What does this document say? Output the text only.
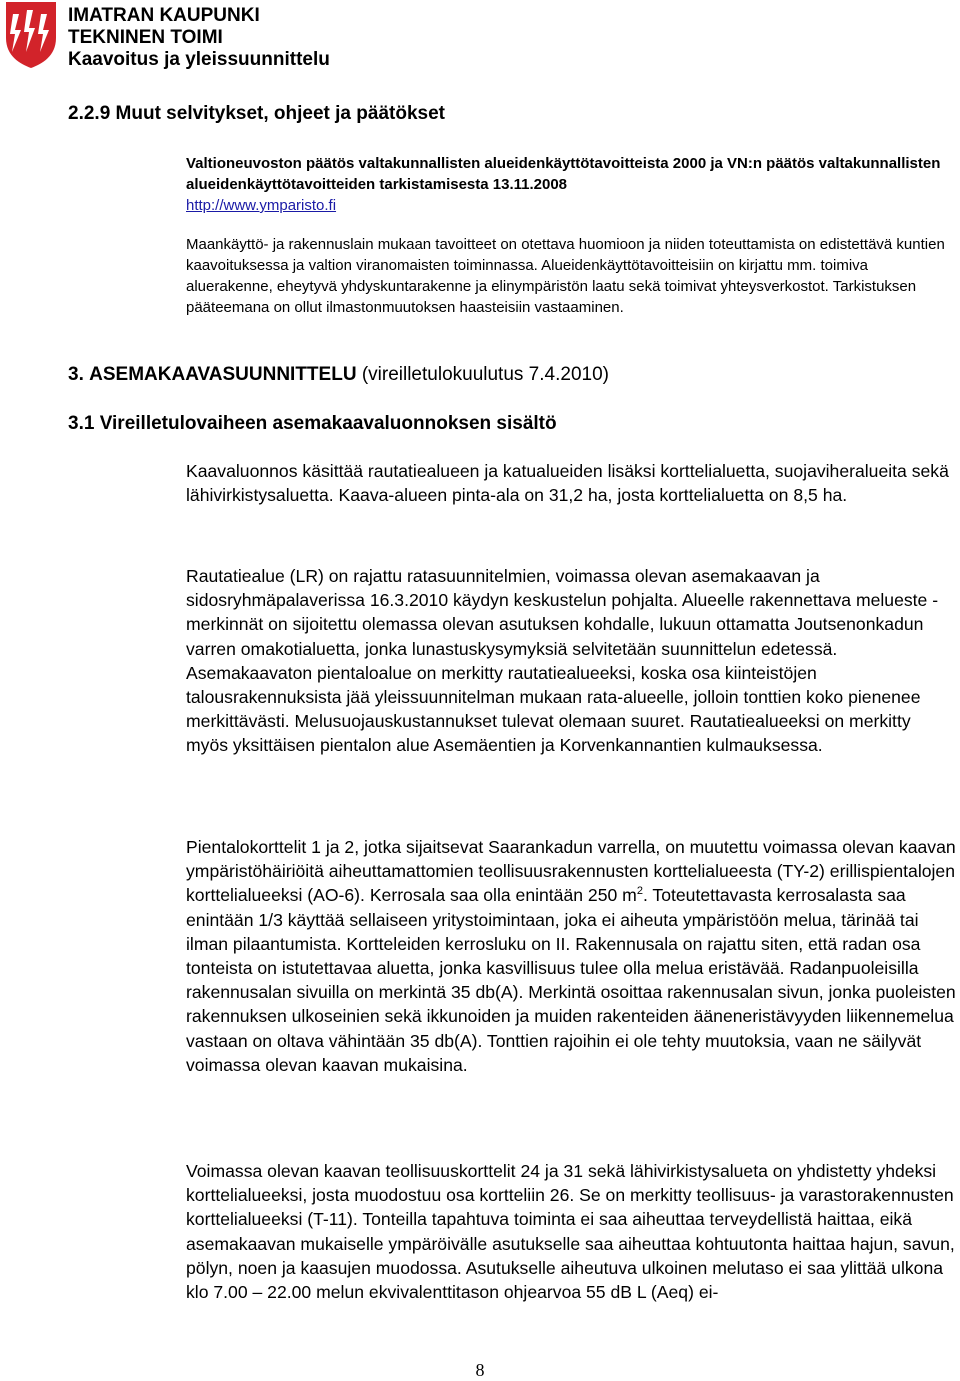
IMATRAN KAUPUNKI
TEKNINEN TOIMI
Kaavoitus ja yleissuunnittelu
2.2.9 Muut selvitykset, ohjeet ja päätökset

Valtioneuvoston päätös valtakunnallisten alueidenkäyttötavoitteista 2000 ja VN:n päätös valtakunnallisten alueidenkäyttötavoitteiden tarkistamisesta 13.11.2008

http://www.ymparisto.fi

Maankäyttö- ja rakennuslain mukaan tavoitteet on otettava huomioon ja niiden toteuttamista on edistettävä kuntien kaavoituksessa ja valtion viranomaisten toiminnassa. Alueidenkäyttötavoitteisiin on kirjattu mm. toimiva aluerakenne, eheytyvä yhdyskuntarakenne ja elinympäristön laatu sekä toimivat yhteysverkostot. Tarkistuksen pääteemana on ollut ilmastonmuutoksen haasteisiin vastaaminen.

3. ASEMAKAAVASUUNNITTELU (vireilletulokuulutus 7.4.2010)
3.1 Vireilletulovaiheen asemakaavaluonnoksen sisältö

Kaavaluonnos käsittää rautatiealueen ja katualueiden lisäksi korttelialuetta, suojaviheralueita sekä lähivirkistysaluetta. Kaava-alueen pinta-ala on 31,2 ha, josta korttelialuetta on 8,5 ha.

Rautatiealue (LR) on rajattu ratasuunnitelmien, voimassa olevan asemakaavan ja sidosryhmäpalaverissa 16.3.2010 käydyn keskustelun pohjalta. Alueelle rakennettava melueste -merkinnät on sijoitettu olemassa olevan asutuksen kohdalle, lukuun ottamatta Joutsenonkadun varren omakotialuetta, jonka lunastuskysymyksiä selvitetään suunnittelun edetessä. Asemakaavaton pientaloalue on merkitty rautatiealueeksi, koska osa kiinteistöjen talousrakennuksista jää yleissuunnitelman mukaan rata-alueelle, jolloin tonttien koko pienenee merkittävästi. Melusuojauskustannukset tulevat olemaan suuret. Rautatiealueeksi on merkitty myös yksittäisen pientalon alue Asemäentien ja Korvenkannantien kulmauksessa.

Pientalokorttelit 1 ja 2, jotka sijaitsevat Saarankadun varrella, on muutettu voimassa olevan kaavan ympäristöhäiriöitä aiheuttamattomien teollisuusrakennusten korttelialueesta (TY-2) erillispientalojen korttelialueeksi (AO-6). Kerrosala saa olla enintään 250 $m^2$. Toteutettavasta kerrosalasta saa enintään 1/3 käyttää sellaiseen yritystoimintaan, joka ei aiheuta ympäristöön melua, tärinää tai ilman pilaantumista. Kortteleiden kerrosluku on II. Rakennusala on rajattu siten, että radan osa tonteista on istutettavaa aluetta, jonka kasvillisuus tulee olla melua eristävää. Radanpuoleisilla rakennusalan sivuilla on merkintä 35 db(A). Merkintä osoittaa rakennusalan sivun, jonka puoleisten rakennuksen ulkoseinien sekä ikkunoiden ja muiden rakenteiden ääneneristävyyden liikennemelua vastaan on oltava vähintään 35 db(A). Tonttien rajoihin ei ole tehty muutoksia, vaan ne säilyvät voimassa olevan kaavan mukaisina.

Voimassa olevan kaavan teollisuuskorttelit 24 ja 31 sekä lähivirkistysalueta on yhdistetty yhdeksi korttelialueeksi, josta muodostuu osa kortteliin 26. Se on merkitty teollisuus- ja varastorakennusten korttelialueeksi (T-11). Tonteilla tapahtuva toiminta ei saa aiheuttaa terveydellistä haittaa, eikä asemakaavan mukaiselle ympäröivälle asutukselle saa aiheuttaa kohtuutonta haittaa hajun, savun, pölyn, noen ja kaasujen muodossa. Asutukselle aiheutuva ulkoinen melutaso ei saa ylittää ulkona klo 7.00 – 22.00 melun ekvivalenttitason ohjearvoa 55 dB L (Aeq) ei-

8
